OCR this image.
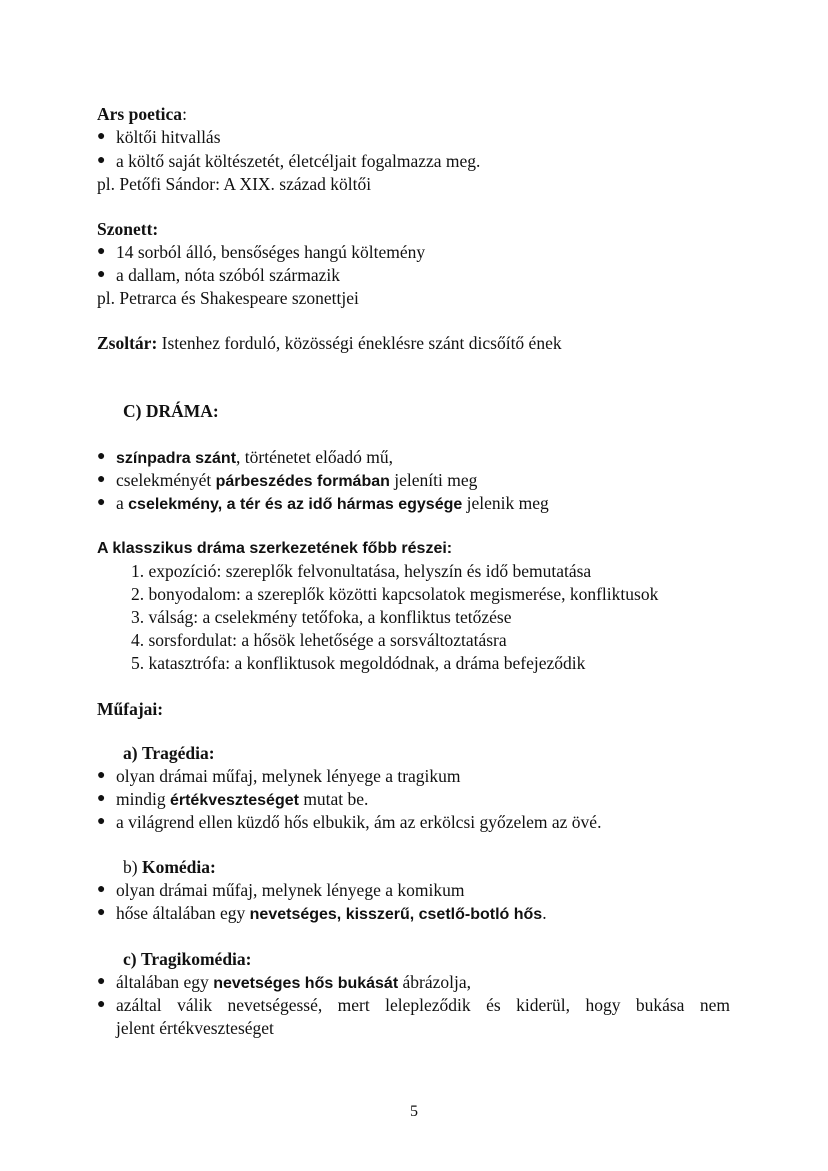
Ars poetica:
● költői hitvallás
● a költő saját költészetét, életcéljait fogalmazza meg.
pl. Petőfi Sándor: A XIX. század költői
Szonett:
● 14 sorból álló, bensőséges hangú költemény
● a dallam, nóta szóból származik
pl. Petrarca és Shakespeare szonettjei
Zsoltár: Istenhez forduló, közösségi éneklésre szánt dicsőítő ének
C) DRÁMA:
● színpadra szánt, történetet előadó mű,
● cselekményét párbeszédes formában jeleníti meg
● a cselekmény, a tér és az idő hármas egysége jelenik meg
A klasszikus dráma szerkezetének főbb részei:
1. expozíció: szereplők felvonultatása, helyszín és idő bemutatása
2. bonyodalom: a szereplők közötti kapcsolatok megismerése, konfliktusok
3. válság: a cselekmény tetőfoka, a konfliktus tetőzése
4. sorsfordulat: a hősök lehetősége a sorsváltoztatásra
5. katasztrófa: a konfliktusok megoldódnak, a dráma befejeződik
Műfajai:
a) Tragédia:
● olyan drámai műfaj, melynek lényege a tragikum
● mindig értékveszteséget mutat be.
● a világrend ellen küzdő hős elbukik, ám az erkölcsi győzelem az övé.
b) Komédia:
● olyan drámai műfaj, melynek lényege a komikum
● hőse általában egy nevetséges, kisszerű, csetlő-botló hős.
c) Tragikomédia:
● általában egy nevetséges hős bukását ábrázolja,
● azáltal válik nevetségessé, mert lelepleződik és kiderül, hogy bukása nem
jelent értékveszteséget
5
